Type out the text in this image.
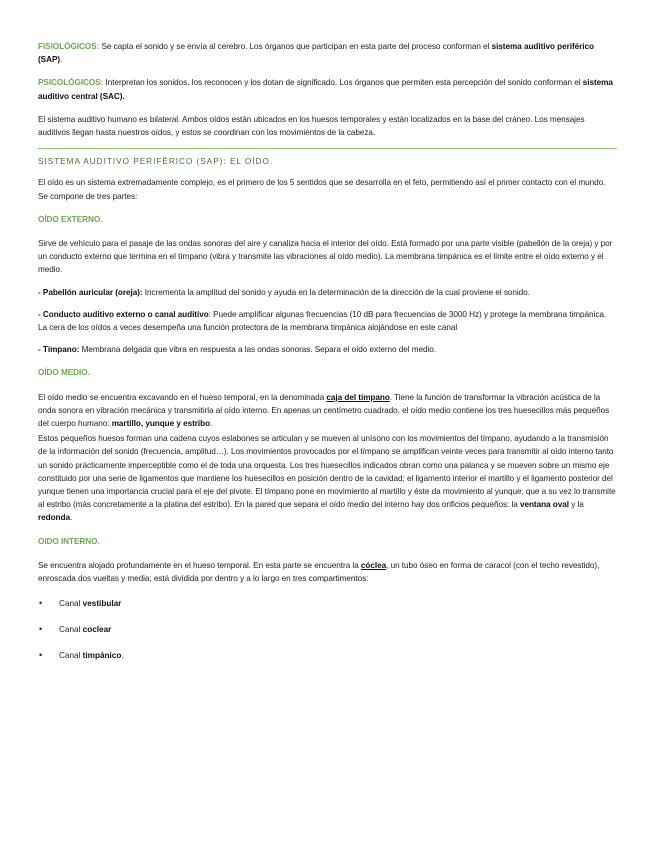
FISIOLÓGICOS: Se capta el sonido y se envía al cerebro. Los órganos que participan en esta parte del proceso conforman el sistema auditivo periférico (SAP).

PSICOLÓGICOS: Interpretan los sonidos, los reconocen y los dotan de significado. Los órganos que permiten esta percepción del sonido conforman el sistema auditivo central (SAC).

El sistema auditivo humano es bilateral. Ambos oídos están ubicados en los huesos temporales y están localizados en la base del cráneo. Los mensajes auditivos llegan hasta nuestros oídos, y estos se coordinan con los movimientos de la cabeza.

SISTEMA AUDITIVO PERIFÉRICO (SAP): EL OÍDO.

El oído es un sistema extremadamente complejo, es el primero de los 5 sentidos que se desarrolla en el feto, permitiendo así el primer contacto con el mundo. Se compone de tres partes:

OÍDO EXTERNO.

Sirve de vehículo para el pasaje de las ondas sonoras del aire y canaliza hacia el interior del oído. Está formado por una parte visible (pabellón de la oreja) y por un conducto externo que termina en el tímpano (vibra y transmite las vibraciones al oído medio). La membrana timpánica es el límite entre el oído externo y el medio.

- Pabellón auricular (oreja): Incrementa la amplitud del sonido y ayuda en la determinación de la dirección de la cual proviene el sonido.

- Conducto auditivo externo o canal auditivo: Puede amplificar algunas frecuencias (10 dB para frecuencias de 3000 Hz) y protege la membrana timpánica. La cera de los oídos a veces desempeña una función protectora de la membrana timpánica alojándose en este canal

- Tímpano: Membrana delgada que vibra en respuesta a las ondas sonoras. Separa el oído externo del medio.

OÍDO MEDIO.

El oído medio se encuentra excavando en el hueso temporal, en la denominada caja del tímpano. Tiene la función de transformar la vibración acústica de la onda sonora en vibración mecánica y transmitirla al oído interno. En apenas un centímetro cuadrado, el oído medio contiene los tres huesecillos más pequeños del cuerpo humano: martillo, yunque y estribo.

Estos pequeños huesos forman una cadena cuyos eslabones se articulan y se mueven al unísono con los movimientos del tímpano, ayudando a la transmisión de la información del sonido (frecuencia, amplitud…). Los movimientos provocados por el tímpano se amplifican veinte veces para transmitir al oído interno tanto un sonido prácticamente imperceptible como el de toda una orquesta. Los tres huesecillos indicados obran como una palanca y se mueven sobre un mismo eje constituido por una serie de ligamentos que mantiene los huesecillos en posición dentro de la cavidad; el ligamento interior el martillo y el ligamento posterior del yunque tienen una importancia crucial para el eje del pivote. El tímpano pone en movimiento al martillo y éste da movimiento al yunque, que a su vez lo transmite al estribo (más concretamente a la platina del estribo). En la pared que separa el oído medio del interno hay dos orificios pequeños: la ventana oval y la redonda.

OIDO INTERNO.

Se encuentra alojado profundamente en el hueso temporal. En esta parte se encuentra la cóclea, un tubo óseo en forma de caracol (con el techo revestido), enroscada dos vueltas y media; está dividida por dentro y a lo largo en tres compartimentos:

• Canal vestibular
• Canal coclear
• Canal timpánico.
